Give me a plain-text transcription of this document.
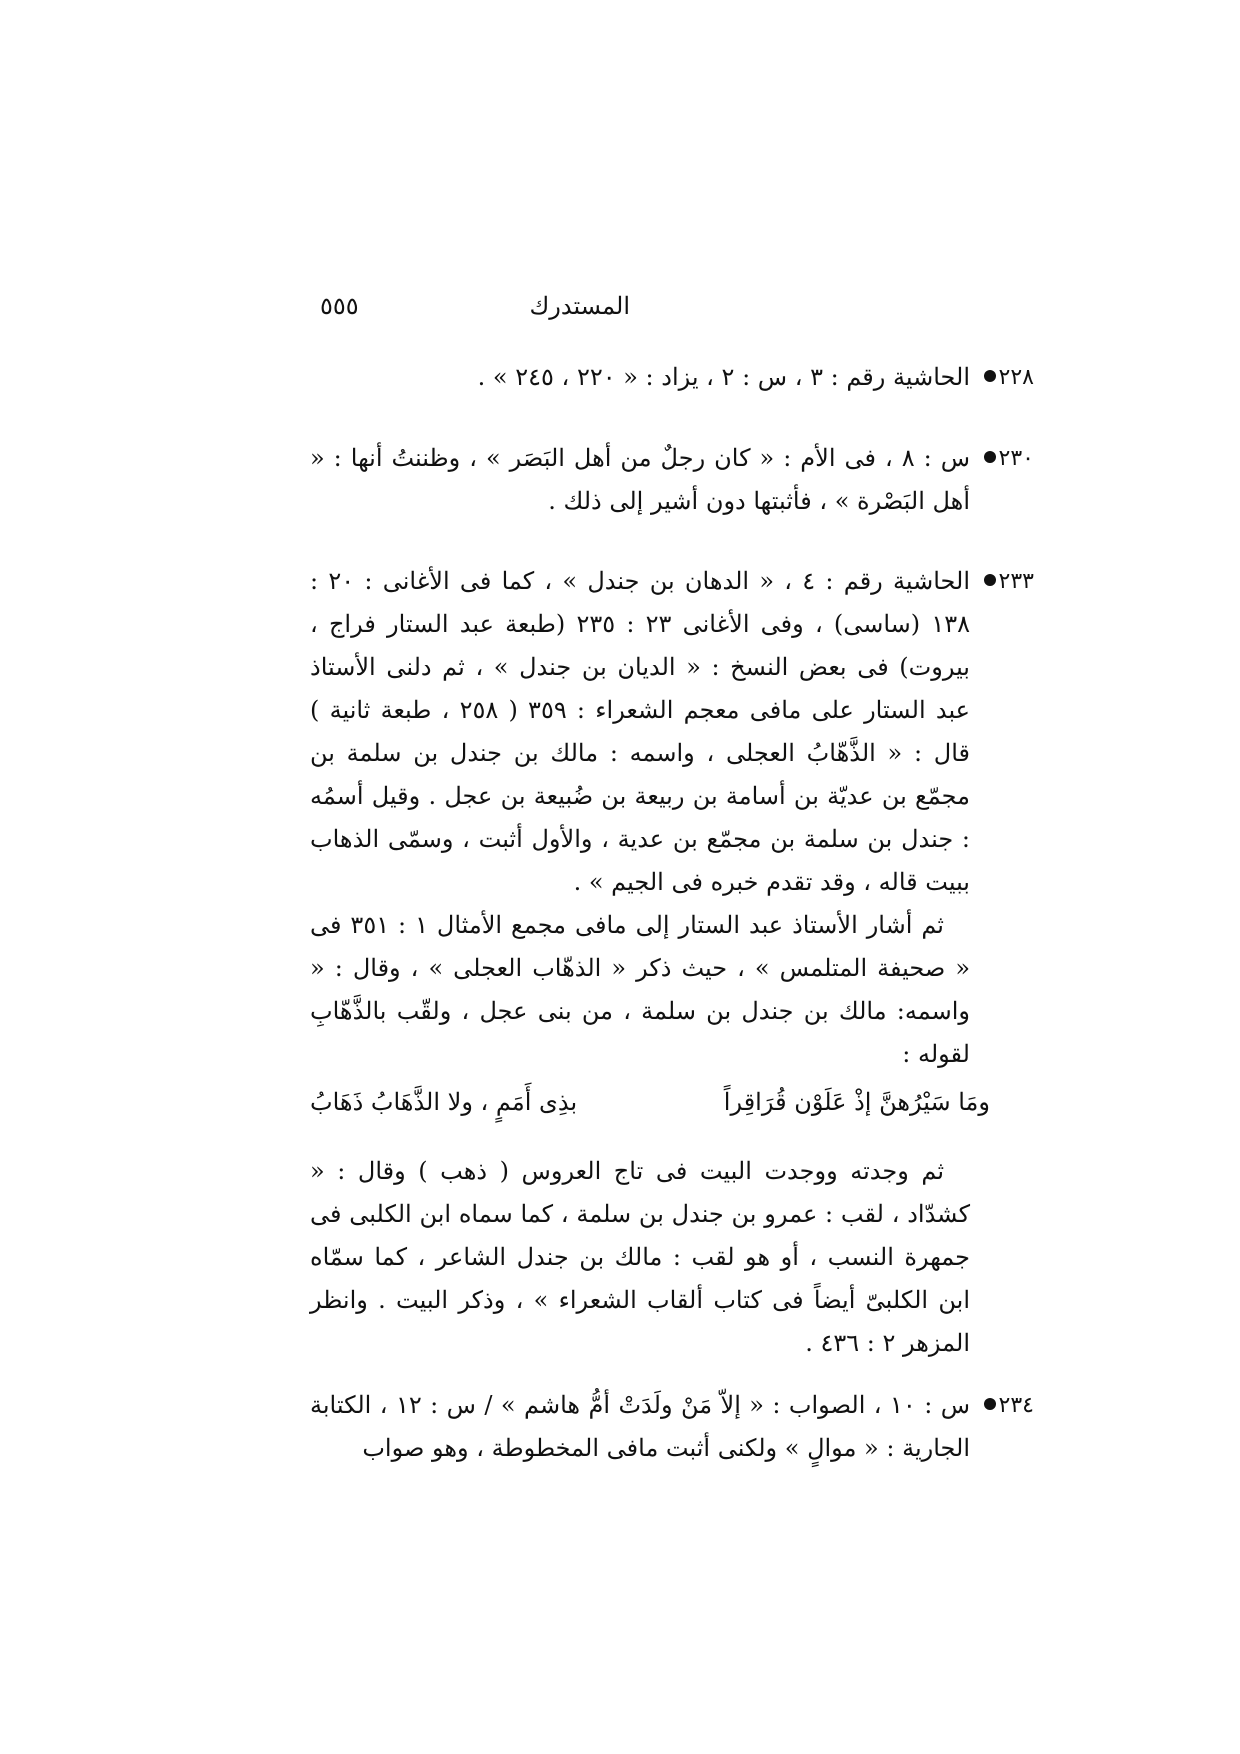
المستدرك
٥٥٥
٢٢٨

الحاشية رقم : ٣ ، س : ٢ ، يزاد : « ٢٢٠ ، ٢٤٥ » .

٢٣٠

س : ٨ ، فى الأم : « كان رجلٌ من أهل البَصَر » ، وظننتُ أنها : « أهل البَصْرة » ، فأثبتها دون أشير إلى ذلك .

٢٣٣

الحاشية رقم : ٤ ، « الدهان بن جندل » ، كما فى الأغانى : ٢٠ : ١٣٨ (ساسى) ، وفى الأغانى ٢٣ : ٢٣٥ (طبعة عبد الستار فراج ، بيروت) فى بعض النسخ : « الديان بن جندل » ، ثم دلنى الأستاذ عبد الستار على مافى معجم الشعراء : ٣٥٩ ( ٢٥٨ ، طبعة ثانية ) قال : « الذَّهّابُ العجلى ، واسمه : مالك بن جندل بن سلمة بن مجمّع بن عديّة بن أسامة بن ربيعة بن ضُبيعة بن عجل . وقيل أسمُه : جندل بن سلمة بن مجمّع بن عدية ، والأول أثبت ، وسمّى الذهاب ببيت قاله ، وقد تقدم خبره فى الجيم » .

ثم أشار الأستاذ عبد الستار إلى مافى مجمع الأمثال ١ : ٣٥١ فى « صحيفة المتلمس » ، حيث ذكر « الذهّاب العجلى » ، وقال : « واسمه: مالك بن جندل بن سلمة ، من بنى عجل ، ولقّب بالذَّهّابِ لقوله :

ومَا سَيْرُهنَّ إذْ عَلَوْن قُرَاقِراً
بذِى أَمَمٍ ، ولا الذَّهَابُ ذَهَابُ

ثم وجدته ووجدت البيت فى تاج العروس ( ذهب ) وقال : « كشدّاد ، لقب : عمرو بن جندل بن سلمة ، كما سماه ابن الكلبى فى جمهرة النسب ، أو هو لقب : مالك بن جندل الشاعر ، كما سمّاه ابن الكلبىّ أيضاً فى كتاب ألقاب الشعراء » ، وذكر البيت . وانظر المزهر ٢ : ٤٣٦ .

٢٣٤

س : ١٠ ، الصواب : « إلاّ مَنْ ولَدَتْ أمُّ هاشم » / س : ١٢ ، الكتابة الجارية : « موالٍ » ولكنى أثبت مافى المخطوطة ، وهو صواب
